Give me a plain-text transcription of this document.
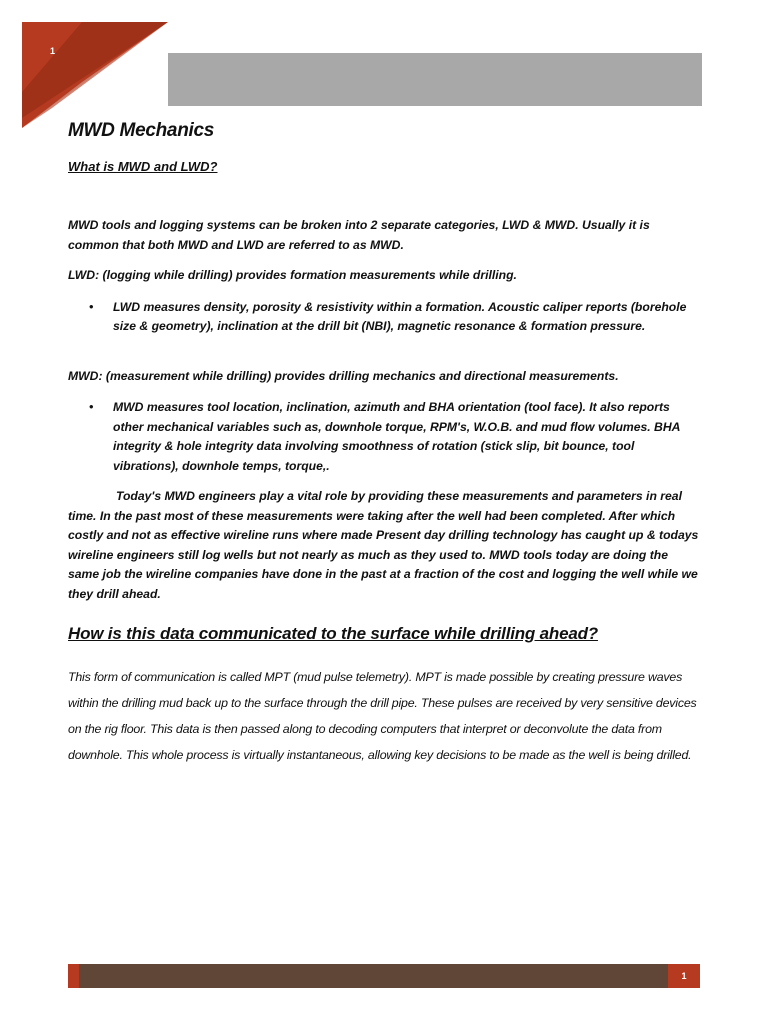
1
MWD Mechanics
What is MWD and LWD?

MWD tools and logging systems can be broken into 2 separate categories, LWD & MWD. Usually it is common that both MWD and LWD are referred to as MWD.

LWD: (logging while drilling) provides formation measurements while drilling.

• LWD measures density, porosity & resistivity within a formation. Acoustic caliper reports (borehole size & geometry), inclination at the drill bit (NBI), magnetic resonance & formation pressure.

MWD: (measurement while drilling) provides drilling mechanics and directional measurements.

• MWD measures tool location, inclination, azimuth and BHA orientation (tool face). It also reports other mechanical variables such as, downhole torque, RPM's, W.O.B. and mud flow volumes. BHA integrity & hole integrity data involving smoothness of rotation (stick slip, bit bounce, tool vibrations), downhole temps, torque,.

Today's MWD engineers play a vital role by providing these measurements and parameters in real time. In the past most of these measurements were taking after the well had been completed. After which costly and not as effective wireline runs where made Present day drilling technology has caught up & todays wireline engineers still log wells but not nearly as much as they used to. MWD tools today are doing the same job the wireline companies have done in the past at a fraction of the cost and logging the well while we they drill ahead.

How is this data communicated to the surface while drilling ahead?

This form of communication is called MPT (mud pulse telemetry). MPT is made possible by creating pressure waves within the drilling mud back up to the surface through the drill pipe. These pulses are received by very sensitive devices on the rig floor. This data is then passed along to decoding computers that interpret or deconvolute the data from downhole. This whole process is virtually instantaneous, allowing key decisions to be made as the well is being drilled.

1
